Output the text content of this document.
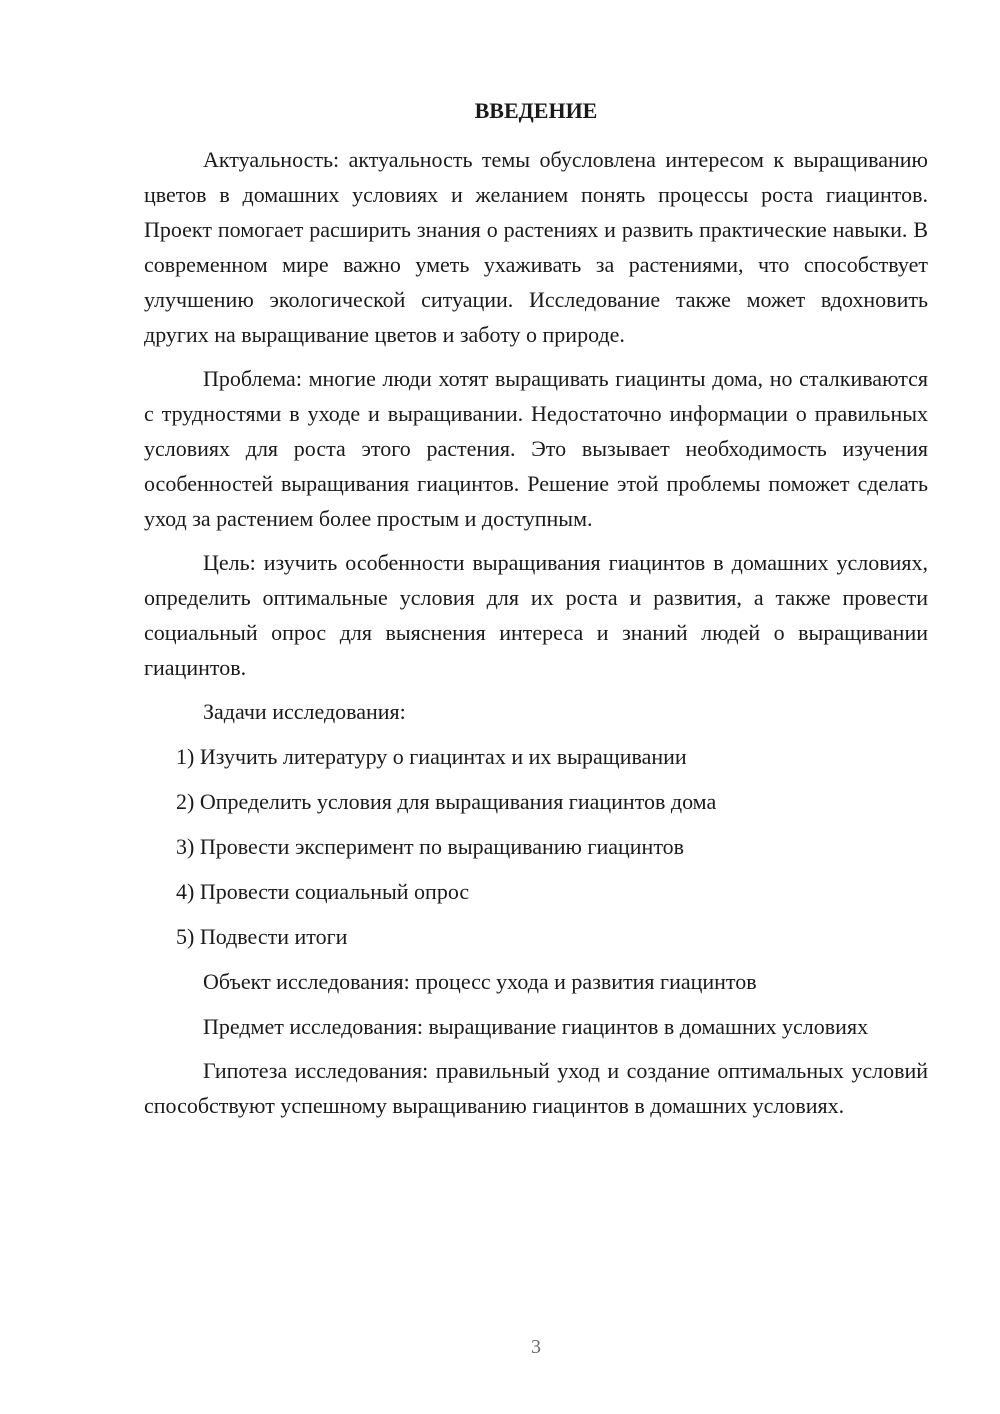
ВВЕДЕНИЕ

Актуальность: актуальность темы обусловлена интересом к выращиванию цветов в домашних условиях и желанием понять процессы роста гиацинтов. Проект помогает расширить знания о растениях и развить практические навыки. В современном мире важно уметь ухаживать за растениями, что способствует улучшению экологической ситуации. Исследование также может вдохновить других на выращивание цветов и заботу о природе.

Проблема: многие люди хотят выращивать гиацинты дома, но сталкиваются с трудностями в уходе и выращивании. Недостаточно информации о правильных условиях для роста этого растения. Это вызывает необходимость изучения особенностей выращивания гиацинтов. Решение этой проблемы поможет сделать уход за растением более простым и доступным.

Цель: изучить особенности выращивания гиацинтов в домашних условиях, определить оптимальные условия для их роста и развития, а также провести социальный опрос для выяснения интереса и знаний людей о выращивании гиацинтов.

Задачи исследования:

1) Изучить литературу о гиацинтах и их выращивании
2) Определить условия для выращивания гиацинтов дома
3) Провести эксперимент по выращиванию гиацинтов
4) Провести социальный опрос
5) Подвести итоги

Объект исследования: процесс ухода и развития гиацинтов

Предмет исследования: выращивание гиацинтов в домашних условиях

Гипотеза исследования: правильный уход и создание оптимальных условий способствуют успешному выращиванию гиацинтов в домашних условиях.

3
